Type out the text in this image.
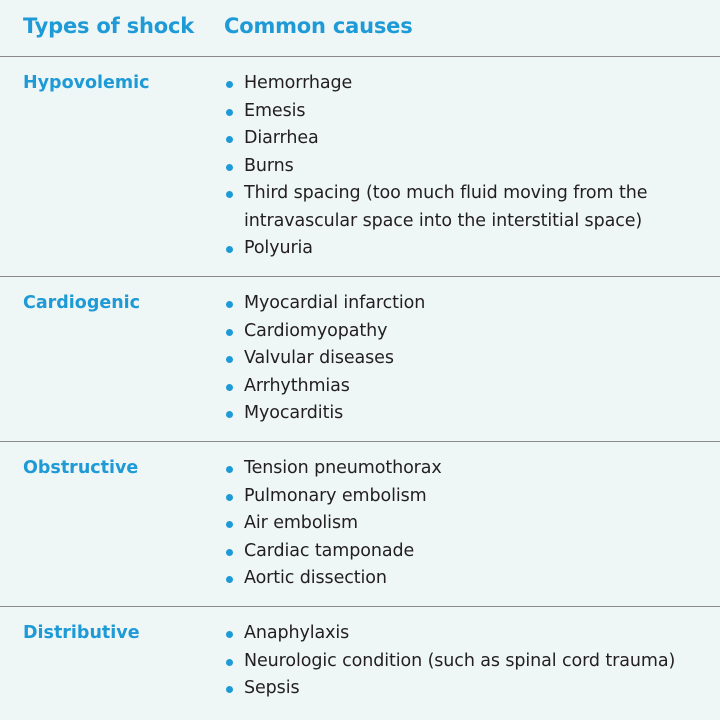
Types of shock Common causes
Hypovolemic	Hemorrhage
Emesis
Diarrhea
Burns
Third spacing (too much fluid moving from the
intravascular space into the interstitial space)
Polyuria
Cardiogenic	Myocardial infarction
Cardiomyopathy
Valvular diseases
Arrhythmias
Myocarditis
Obstructive	Tension pneumothorax
Pulmonary embolism
Air embolism
Cardiac tamponade
Aortic dissection
Distributive	Anaphylaxis
Neurologic condition (such as spinal cord trauma)
Sepsis
